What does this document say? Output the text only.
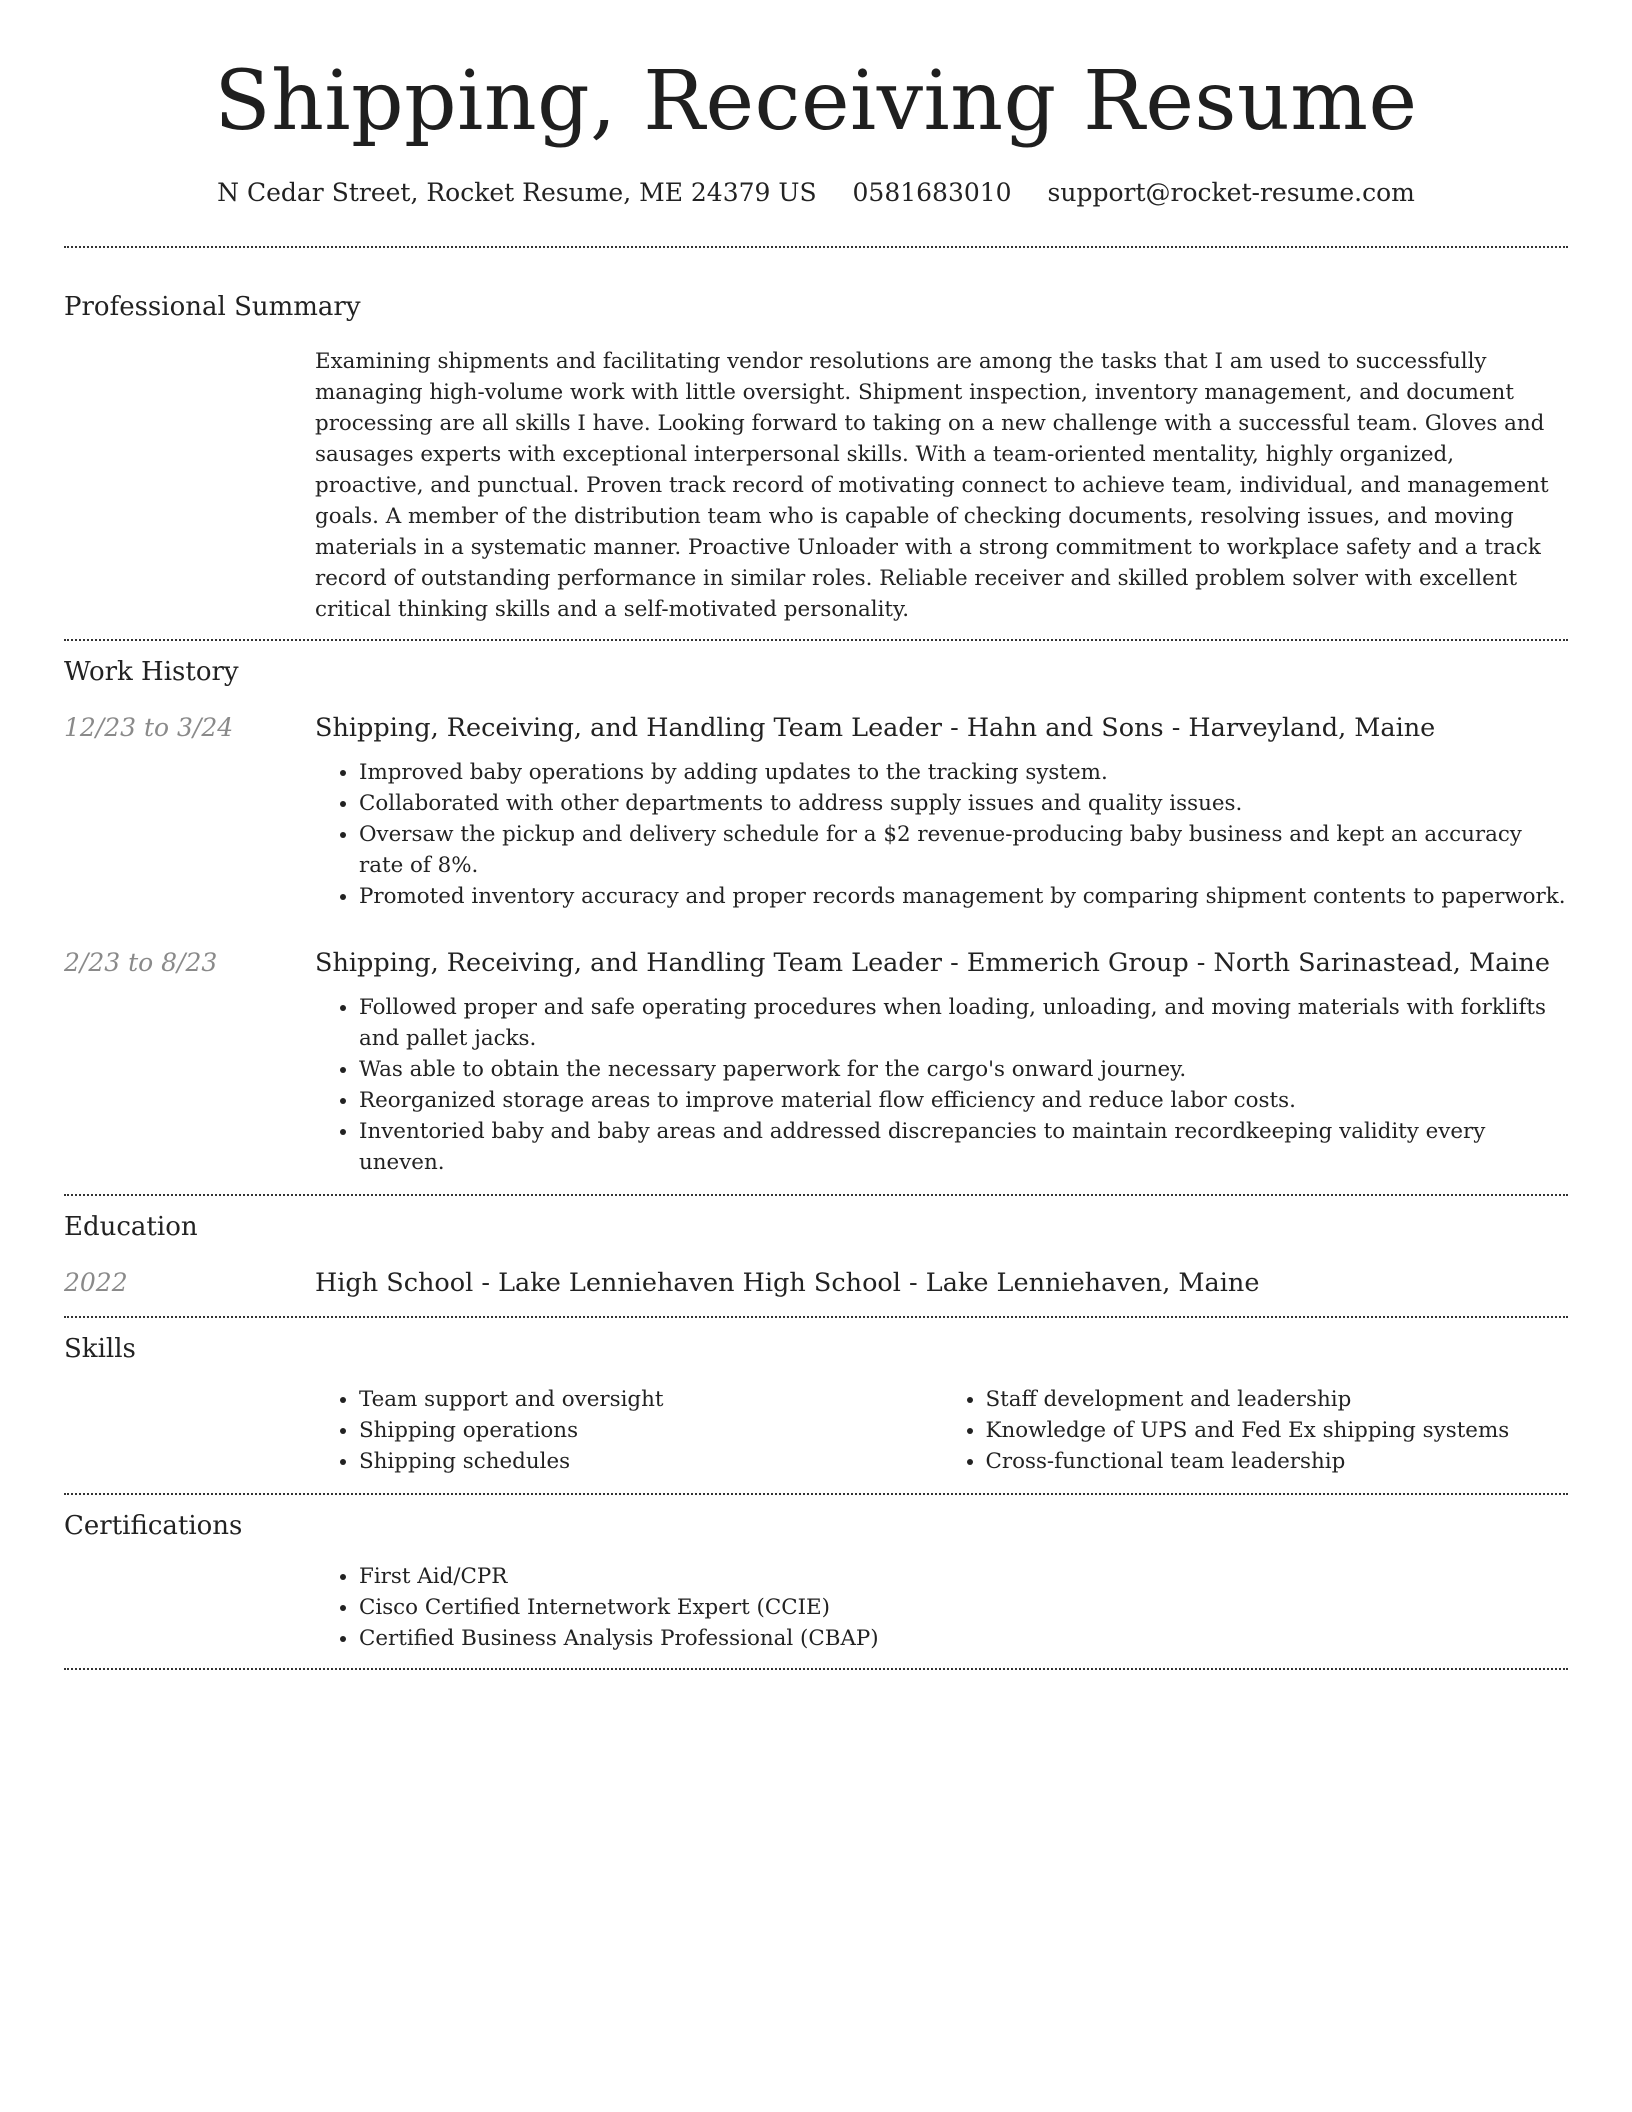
Shipping, Receiving Resume
N Cedar Street, Rocket Resume, ME 24379 US 0581683010 support@rocket-resume.com
Professional Summary

Examining shipments and facilitating vendor resolutions are among the tasks that I am used to successfully managing high-volume work with little oversight. Shipment inspection, inventory management, and document processing are all skills I have. Looking forward to taking on a new challenge with a successful team. Gloves and sausages experts with exceptional interpersonal skills. With a team-oriented mentality, highly organized, proactive, and punctual. Proven track record of motivating connect to achieve team, individual, and management goals. A member of the distribution team who is capable of checking documents, resolving issues, and moving materials in a systematic manner. Proactive Unloader with a strong commitment to workplace safety and a track record of outstanding performance in similar roles. Reliable receiver and skilled problem solver with excellent critical thinking skills and a self-motivated personality.

Work History
12/23 to 3/24	Shipping, Receiving, and Handling Team Leader - Hahn and Sons - Harveyland, Maine
• Improved baby operations by adding updates to the tracking system.
• Collaborated with other departments to address supply issues and quality issues.
• Oversaw the pickup and delivery schedule for a $2 revenue-producing baby business and kept an accuracy rate of 8%.
• Promoted inventory accuracy and proper records management by comparing shipment contents to paperwork.
2/23 to 8/23	Shipping, Receiving, and Handling Team Leader - Emmerich Group - North Sarinastead, Maine
• Followed proper and safe operating procedures when loading, unloading, and moving materials with forklifts and pallet jacks.
• Was able to obtain the necessary paperwork for the cargo's onward journey.
• Reorganized storage areas to improve material flow efficiency and reduce labor costs.
• Inventoried baby and baby areas and addressed discrepancies to maintain recordkeeping validity every uneven.
Education
2022	High School - Lake Lenniehaven High School - Lake Lenniehaven, Maine
Skills
• Team support and oversight
• Shipping operations
• Shipping schedules
• Staff development and leadership
• Knowledge of UPS and Fed Ex shipping systems
• Cross-functional team leadership
Certifications
• First Aid/CPR
• Cisco Certified Internetwork Expert (CCIE)
• Certified Business Analysis Professional (CBAP)
